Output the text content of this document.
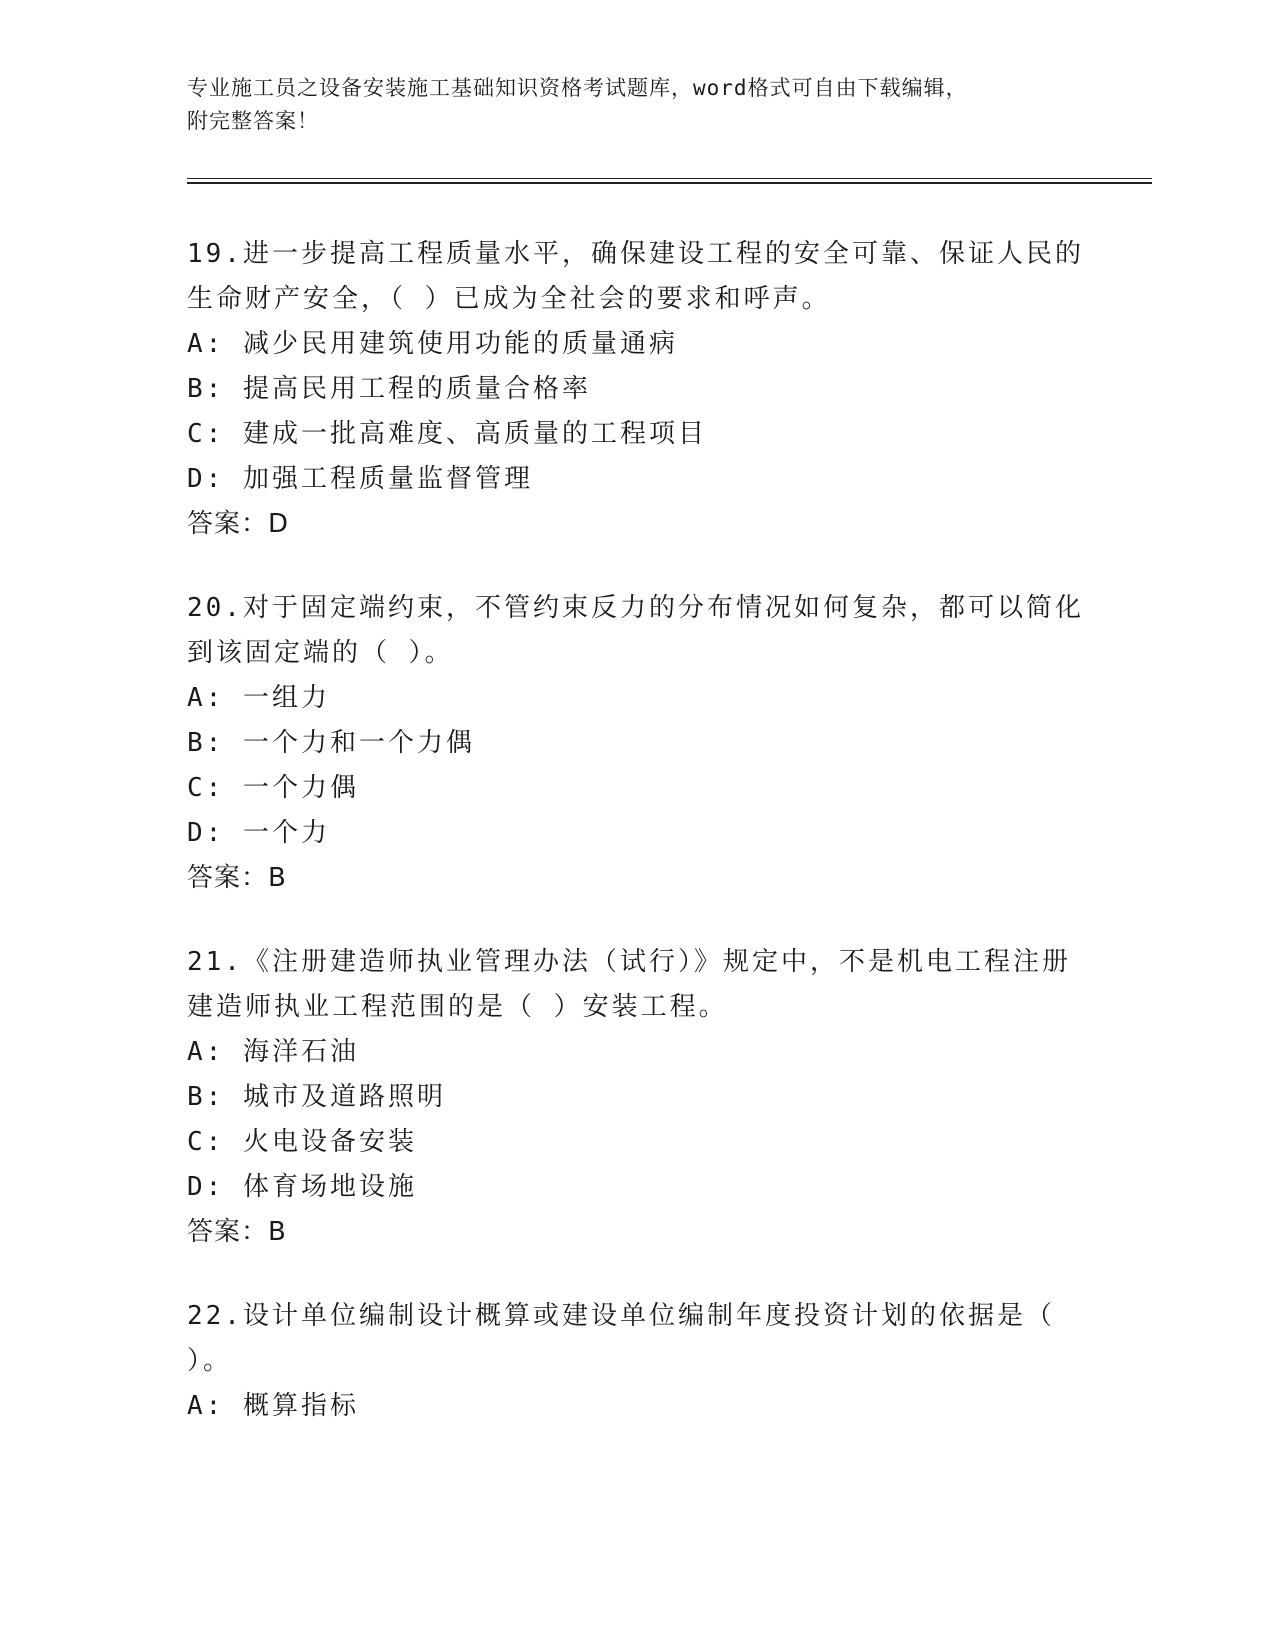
专业施工员之设备安装施工基础知识资格考试题库，word格式可自由下载编辑，
附完整答案！

19.进一步提高工程质量水平，确保建设工程的安全可靠、保证人民的

生命财产安全，（ ）已成为全社会的要求和呼声。

A: 减少民用建筑使用功能的质量通病

B: 提高民用工程的质量合格率

C: 建成一批高难度、高质量的工程项目

D: 加强工程质量监督管理

答案：D

20.对于固定端约束，不管约束反力的分布情况如何复杂，都可以简化

到该固定端的（ ）。

A: 一组力

B: 一个力和一个力偶

C: 一个力偶

D: 一个力

答案：B

21.《注册建造师执业管理办法（试行）》规定中，不是机电工程注册

建造师执业工程范围的是（ ）安装工程。

A: 海洋石油

B: 城市及道路照明

C: 火电设备安装

D: 体育场地设施

答案：B

22.设计单位编制设计概算或建设单位编制年度投资计划的依据是（

）。

A: 概算指标
